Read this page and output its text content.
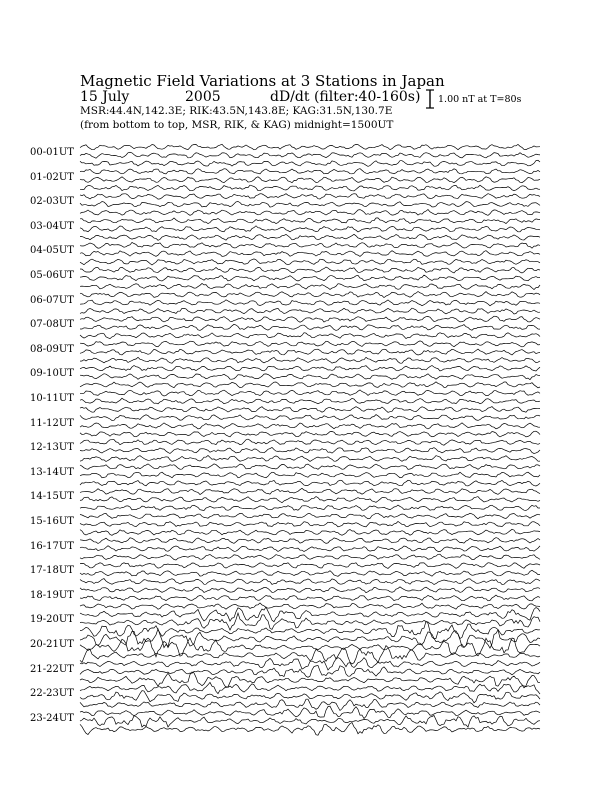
Magnetic Field Variations at 3 Stations in Japan
15 July	2005	dD/dt (filter:40-160s)
MSR:44.4N,142.3E; RIK:43.5N,143.8E; KAG:31.5N,130.7E
(from bottom to top, MSR, RIK, & KAG) midnight=1500UT
1.00 nT at T=80s
00-01UT
01-02UT
02-03UT
03-04UT
04-05UT
05-06UT
06-07UT
07-08UT
08-09UT
09-10UT
10-11UT
11-12UT
12-13UT
13-14UT
14-15UT
15-16UT
16-17UT
17-18UT
18-19UT
19-20UT
20-21UT
21-22UT
22-23UT
23-24UT
